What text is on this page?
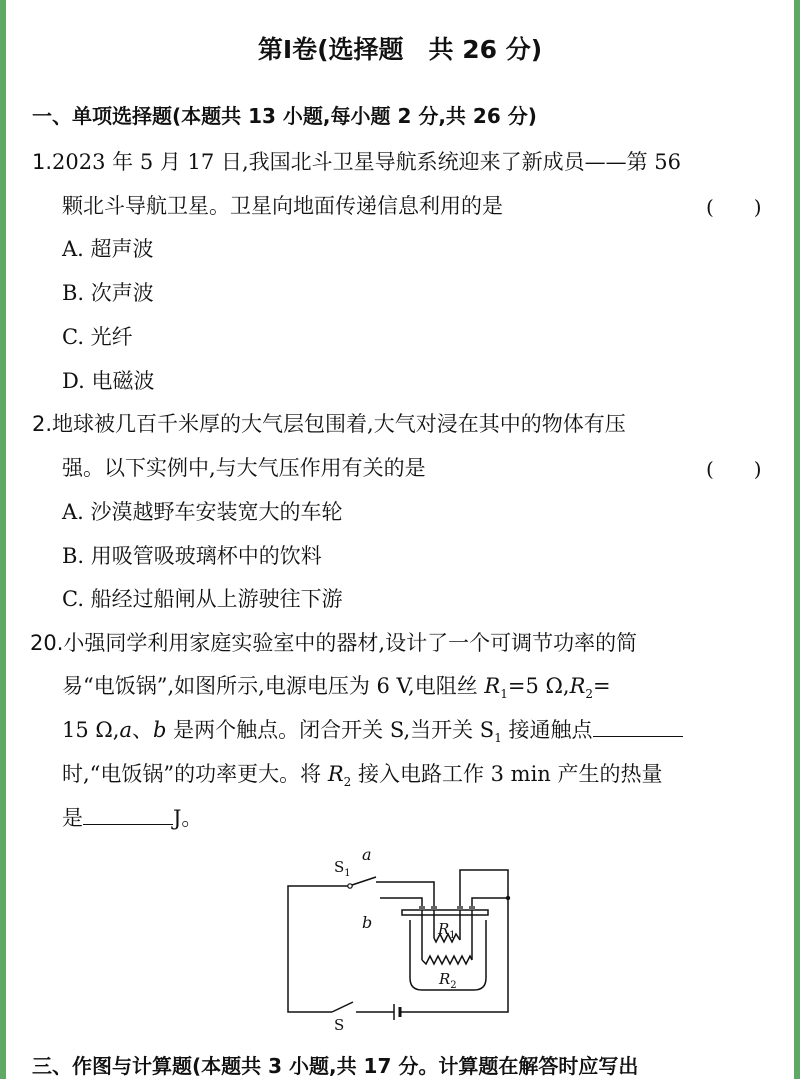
第Ⅰ卷(选择题　共 26 分)
一、单项选择题(本题共 13 小题,每小题 2 分,共 26 分)
1.2023 年 5 月 17 日,我国北斗卫星导航系统迎来了新成员——第 56
颗北斗导航卫星。卫星向地面传递信息利用的是	(　　)
A. 超声波
B. 次声波
C. 光纤
D. 电磁波
2.地球被几百千米厚的大气层包围着,大气对浸在其中的物体有压
强。以下实例中,与大气压作用有关的是	(　　)
A. 沙漠越野车安装宽大的车轮
B. 用吸管吸玻璃杯中的饮料
C. 船经过船闸从上游驶往下游
20.小强同学利用家庭实验室中的器材,设计了一个可调节功率的简
易“电饭锅”,如图所示,电源电压为 6 V,电阻丝 $R_1=5$ $\Omega,R_2=$
15 Ω,a、b 是两个触点。闭合开关 S,当开关 $S_1$ 接通触点
时,“电饭锅”的功率更大。将 $R_2$ 接入电路工作 3 min 产生的热量
是	J。
$S_1$
a
b	$R_1$
$R_2$
S
三、作图与计算题(本题共 3 小题,共 17 分。计算题在解答时应写出
